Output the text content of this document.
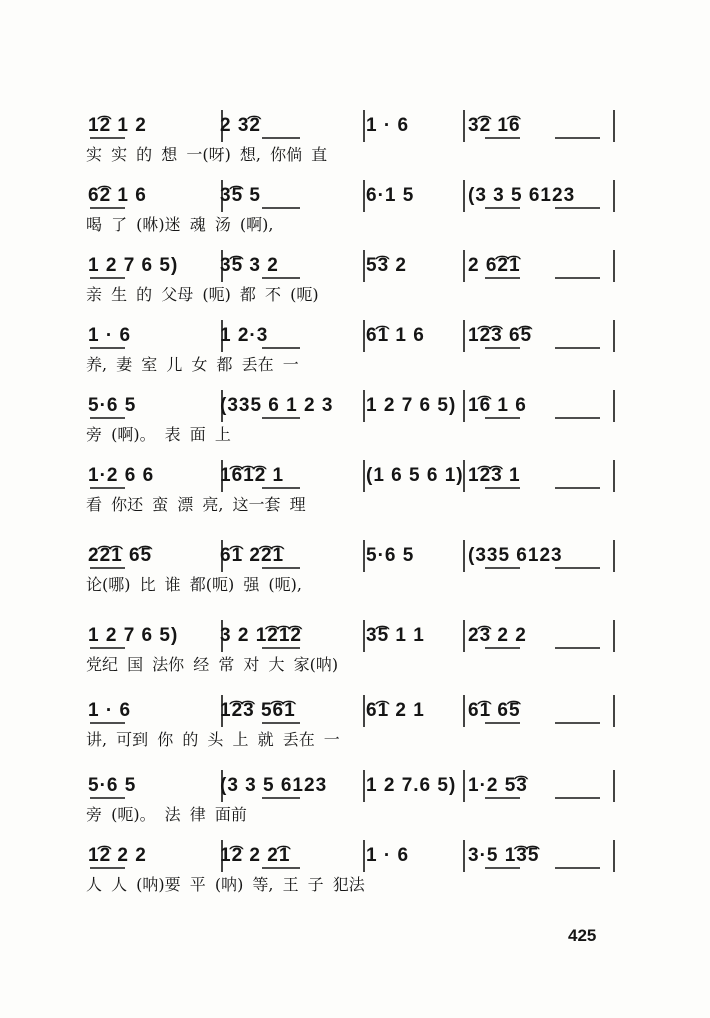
1͡2 1 2	2 3͡2	1 · 6	3͡2 1͡6
实 实 的 想 一(呀) 想, 你倘 直
6͡2 1 6	3͡5 5	6·1 5	(3 3 5 6123
喝 了 (咻)迷 魂 汤 (啊),
1 2 7 6 5) 3͡5 3 2	5͡3 2	2 6͡2͡1
亲 生 的 父母 (呃) 都 不 (呃)
1 · 6	1 2·3	6͡1 1 6 1͡2͡3 6͡5
养, 妻 室 儿 女 都 丢在 一
5·6 5	(335 6 1 2 3 1 2 7 6 5) 1͡6 1 6
旁 (啊)。 表 面 上
1·2 6 6	1͡6͡1͡2 1	(1 6 5 6 1) 1͡2͡3 1
看 你还 蛮 漂 亮, 这一套 理
2͡2͡1 6͡5	6͡1 2͡2͡1	5·6 5	(335 6123
论(哪) 比 谁 都(呃) 强 (呃),
1 2 7 6 5) 3 2 1͡2͡1͡2	3͡5 1 1 2͡3 2 2
党纪 国 法你 经 常 对 大 家(呐)
1 · 6	1͡2͡3 5͡6͡1	6͡1 2 1 6͡1 6͡5
讲, 可到 你 的 头 上 就 丢在 一
5·6 5	(3 3 5 6123 1 2 7.6 5) 1·2 5͡3
旁 (呃)。 法 律 面前
1͡2 2 2	1͡2 2 2͡1	1 · 6	3·5 1͡3͡5
人 人 (呐)要 平 (呐) 等, 王 子 犯法
425
